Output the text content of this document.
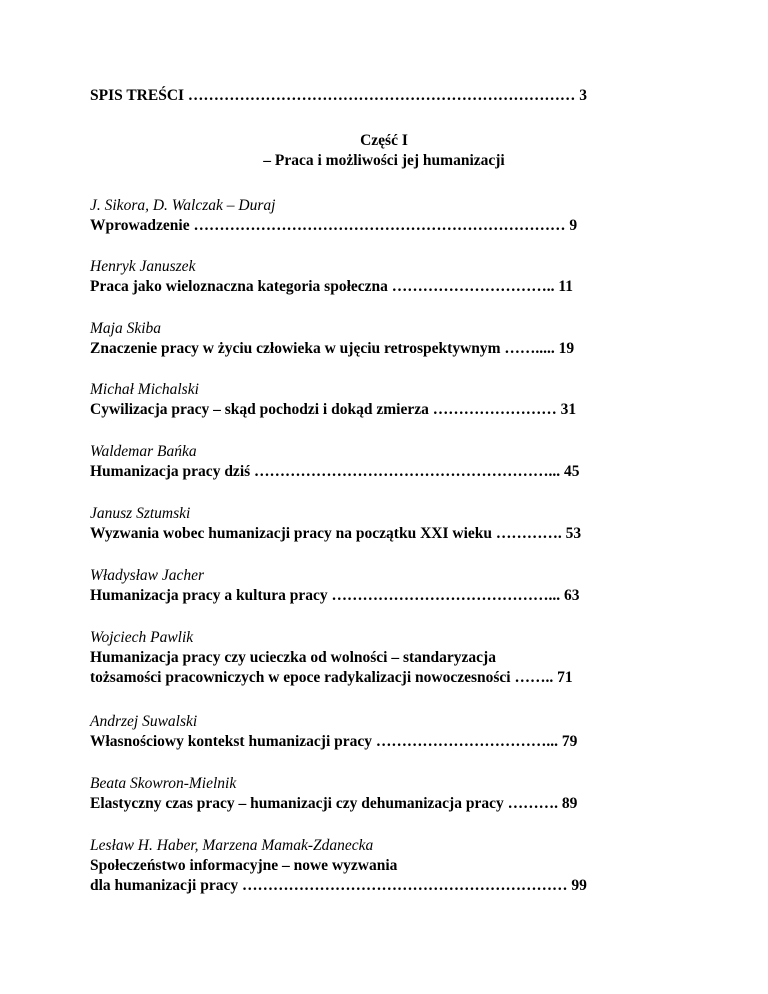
SPIS TREŚCI ………………………………………………………………… 3
Część I
– Praca i możliwości jej humanizacji
J. Sikora, D. Walczak – Duraj
Wprowadzenie ……………………………………………………………… 9
Henryk Januszek
Praca jako wieloznaczna kategoria społeczna ………………………….. 11
Maja Skiba
Znaczenie pracy w życiu człowieka w ujęciu retrospektywnym ……..... 19
Michał Michalski
Cywilizacja pracy – skąd pochodzi i dokąd zmierza …………………… 31
Waldemar Bańka
Humanizacja pracy dziś …………………………………………………... 45
Janusz Sztumski
Wyzwania wobec humanizacji pracy na początku XXI wieku …………. 53
Władysław Jacher
Humanizacja pracy a kultura pracy ……………………………………... 63
Wojciech Pawlik
Humanizacja pracy czy ucieczka od wolności – standaryzacja
tożsamości pracowniczych w epoce radykalizacji nowoczesności …….. 71
Andrzej Suwalski
Własnościowy kontekst humanizacji pracy ……………………………... 79
Beata Skowron-Mielnik
Elastyczny czas pracy – humanizacji czy dehumanizacja pracy ………. 89
Lesław H. Haber, Marzena Mamak-Zdanecka
Społeczeństwo informacyjne – nowe wyzwania
dla humanizacji pracy ……………………………………………………… 99
